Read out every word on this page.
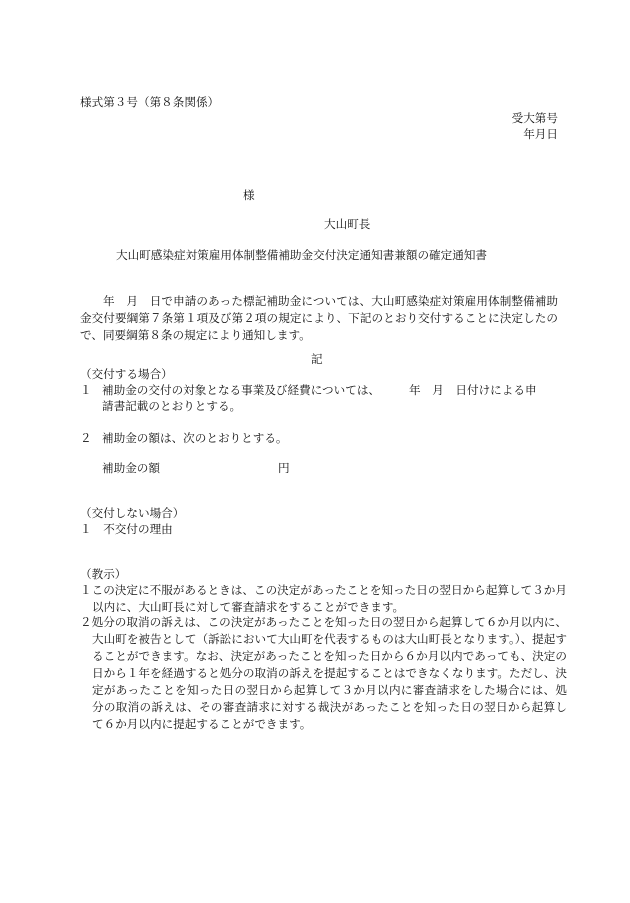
様式第３号（第８条関係）

受大第号

年月日

様

大山町長

大山町感染症対策雇用体制整備補助金交付決定通知書兼額の確定通知書

年　月　日で申請のあった標記補助金については、大山町感染症対策雇用体制整備補助金交付要綱第７条第１項及び第２項の規定により、下記のとおり交付することに決定したので、同要綱第８条の規定により通知します。

記

（交付する場合）

１ 補助金の交付の対象となる事業及び経費については、　　　年　月　日付けによる申

請書記載のとおりとする。

２ 補助金の額は、次のとおりとする。

補助金の額	円

（交付しない場合）

１　不交付の理由

（教示）

１この決定に不服があるときは、この決定があったことを知った日の翌日から起算して３か月以内に、大山町長に対して審査請求をすることができます。
２処分の取消の訴えは、この決定があったことを知った日の翌日から起算して６か月以内に、大山町を被告として（訴訟において大山町を代表するものは大山町長となります。）、提起することができます。なお、決定があったことを知った日から６か月以内であっても、決定の日から１年を経過すると処分の取消の訴えを提起することはできなくなります。ただし、決定があったことを知った日の翌日から起算して３か月以内に審査請求をした場合には、処分の取消の訴えは、その審査請求に対する裁決があったことを知った日の翌日から起算して６か月以内に提起することができます。
